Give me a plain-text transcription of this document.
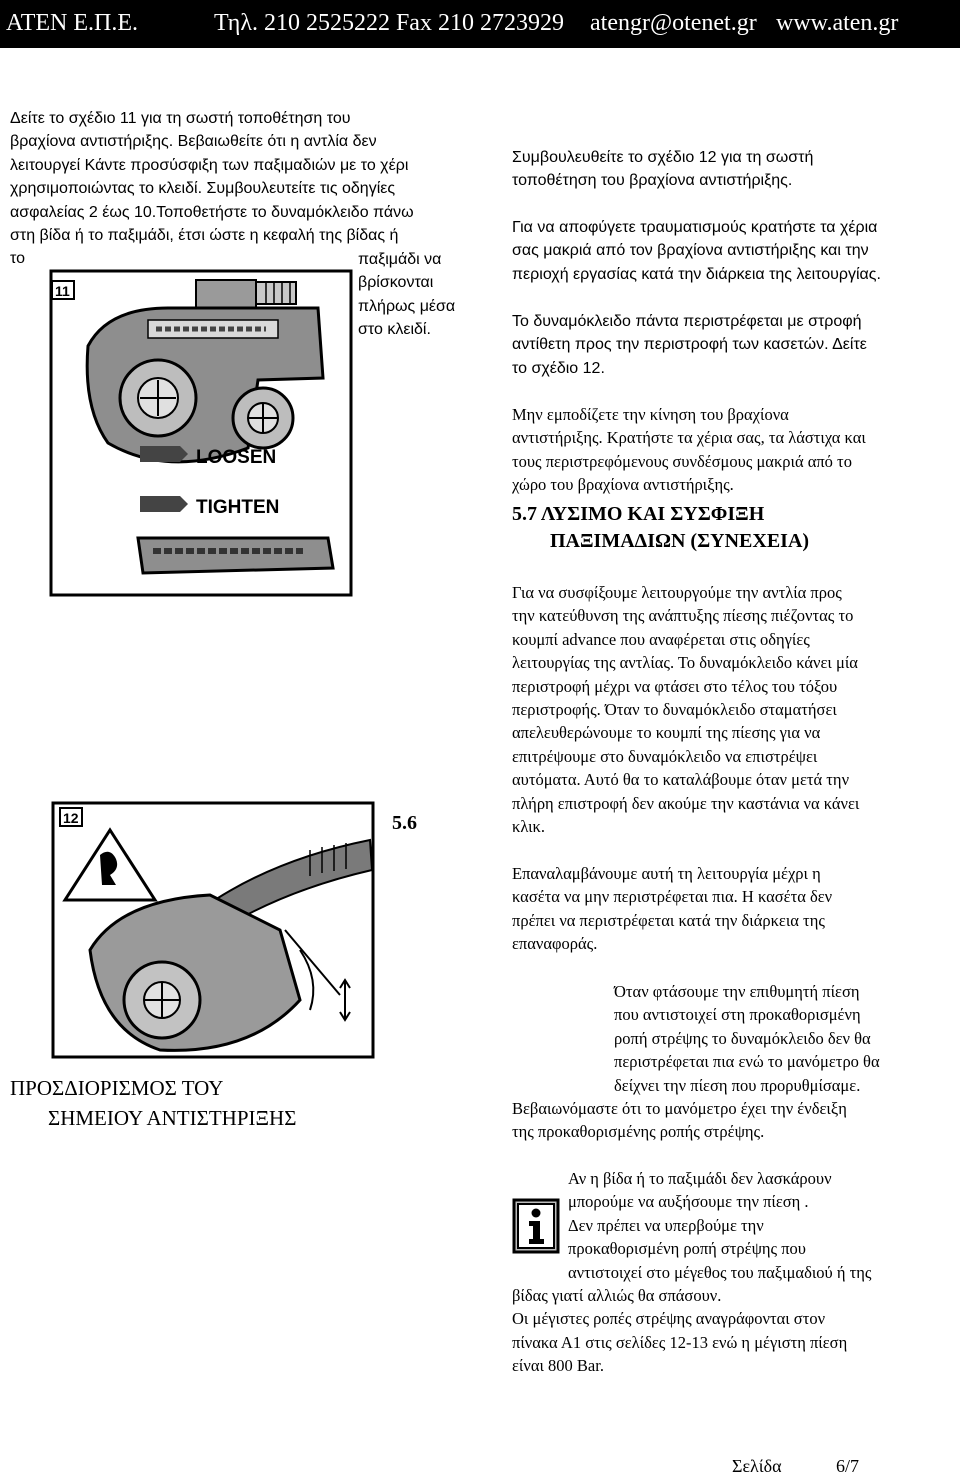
ΑΤΕΝ Ε.Π.Ε.	Τηλ. 210 2525222 Fax 210 2723929 atengr@otenet.gr www.aten.gr
Δείτε το σχέδιο 11 για τη σωστή τοποθέτηση του
βραχίονα αντιστήριξης. Βεβαιωθείτε ότι η αντλία δεν
λειτουργεί Κάντε προσύσφιξη των παξιμαδιών με το χέρι
χρησιμοποιώντας το κλειδί. Συμβουλευτείτε τις οδηγίες
ασφαλείας 2 έως 10.Τοποθετήστε το δυναμόκλειδο πάνω
στη βίδα ή το παξιμάδι, έτσι ώστε η κεφαλή της βίδας ή
το	παξιμάδι να
βρίσκονται
πλήρως μέσα
στο κλειδί.
11
LOOSEN
TIGHTEN
12	5.6
ΠΡΟΣΔΙΟΡΙΣΜΟΣ ΤΟΥ
ΣΗΜΕΙΟΥ ΑΝΤΙΣΤΗΡΙΞΗΣ
Συμβουλευθείτε το σχέδιο 12 για τη σωστή
τοποθέτηση του βραχίονα αντιστήριξης.
Για να αποφύγετε τραυματισμούς κρατήστε τα χέρια
σας μακριά από τον βραχίονα αντιστήριξης και την
περιοχή εργασίας κατά την διάρκεια της λειτουργίας.
Το δυναμόκλειδο πάντα περιστρέφεται με στροφή
αντίθετη προς την περιστροφή των κασετών. Δείτε
το σχέδιο 12.
Μην εμποδίζετε την κίνηση του βραχίονα
αντιστήριξης. Κρατήστε τα χέρια σας, τα λάστιχα και
τους περιστρεφόμενους συνδέσμους μακριά από το
χώρο του βραχίονα αντιστήριξης.
5.7 ΛΥΣΙΜΟ ΚΑΙ ΣΥΣΦΙΞΗ
ΠΑΞΙΜΑΔΙΩΝ (ΣΥΝΕΧΕΙΑ)
Για να συσφίξουμε λειτουργούμε την αντλία προς
την κατεύθυνση της ανάπτυξης πίεσης πιέζοντας το
κουμπί advance που αναφέρεται στις οδηγίες
λειτουργίας της αντλίας. Το δυναμόκλειδο κάνει μία
περιστροφή μέχρι να φτάσει στο τέλος του τόξου
περιστροφής. Όταν το δυναμόκλειδο σταματήσει
απελευθερώνουμε το κουμπί της πίεσης για να
επιτρέψουμε στο δυναμόκλειδο να επιστρέψει
αυτόματα. Αυτό θα το καταλάβουμε όταν μετά την
πλήρη επιστροφή δεν ακούμε την καστάνια να κάνει
κλικ.
Επαναλαμβάνουμε αυτή τη λειτουργία μέχρι η
κασέτα να μην περιστρέφεται πια. Η κασέτα δεν
πρέπει να περιστρέφεται κατά την διάρκεια της
επαναφοράς.
Όταν φτάσουμε την επιθυμητή πίεση
που αντιστοιχεί στη προκαθορισμένη
ροπή στρέψης το δυναμόκλειδο δεν θα
περιστρέφεται πια ενώ το μανόμετρο θα
δείχνει την πίεση που προρυθμίσαμε.
Βεβαιωνόμαστε ότι το μανόμετρο έχει την ένδειξη
της προκαθορισμένης ροπής στρέψης.
Αν η βίδα ή το παξιμάδι δεν λασκάρουν
μπορούμε να αυξήσουμε την πίεση .
Δεν πρέπει να υπερβούμε την
προκαθορισμένη ροπή στρέψης που
αντιστοιχεί στο μέγεθος του παξιμαδιού ή της
βίδας γιατί αλλιώς θα σπάσουν.
Οι μέγιστες ροπές στρέψης αναγράφονται στον
πίνακα Α1 στις σελίδες 12-13 ενώ η μέγιστη πίεση
είναι 800 Bar.
Σελίδα	6/7
